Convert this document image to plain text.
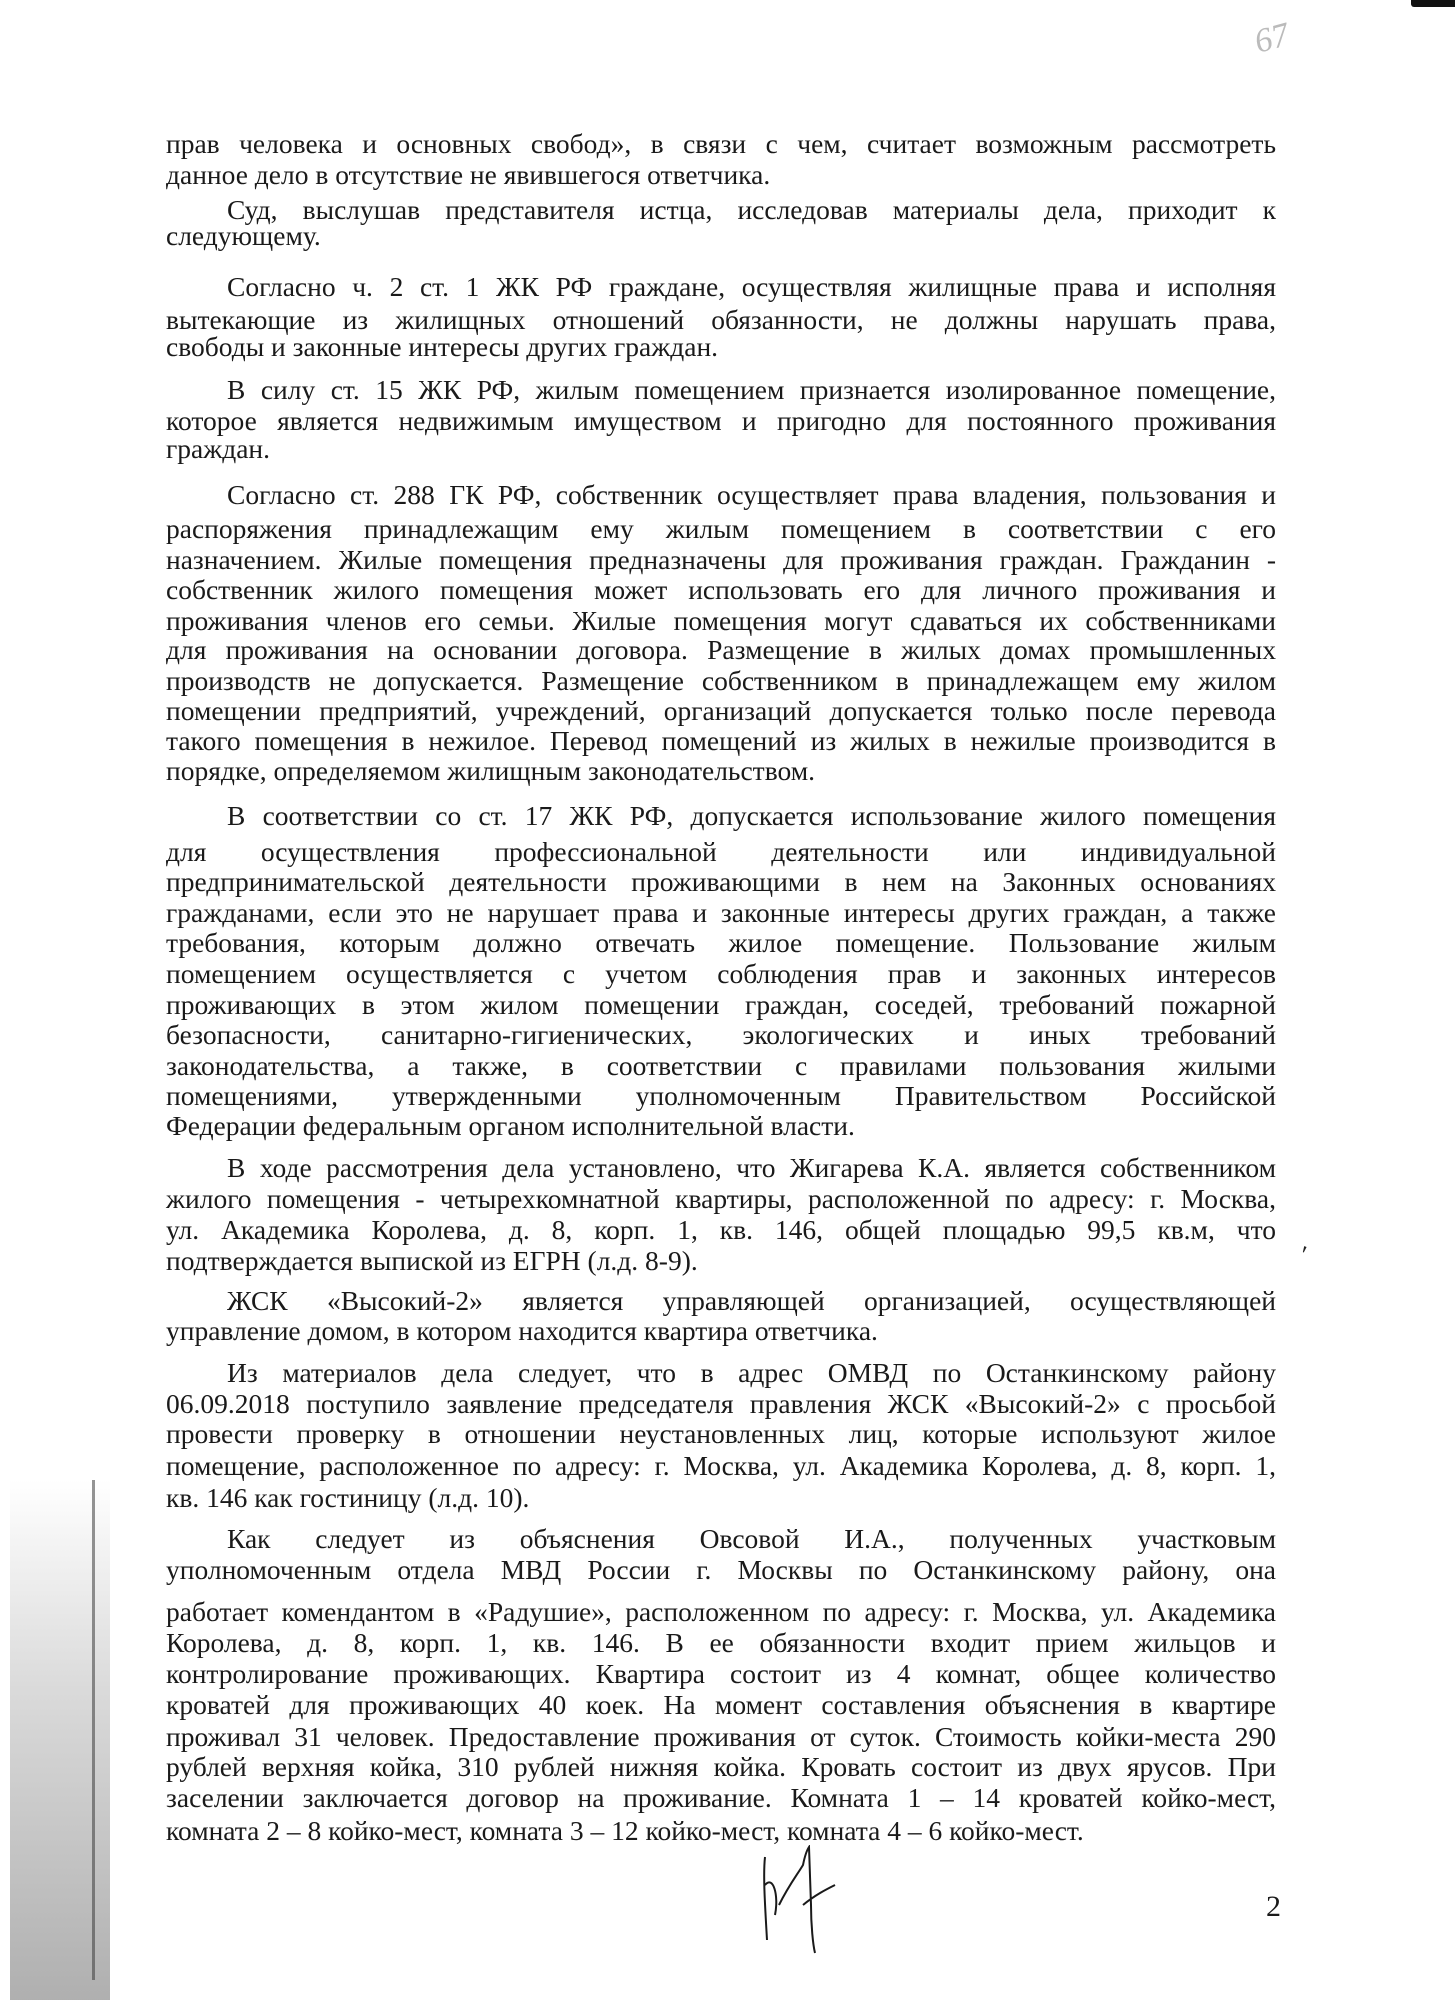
67
'
прав человека и основных свобод», в связи с чем, считает возможным рассмотреть
данное дело в отсутствие не явившегося ответчика.
Суд, выслушав представителя истца, исследовав материалы дела, приходит к
следующему.
Согласно ч. 2 ст. 1 ЖК РФ граждане, осуществляя жилищные права и исполняя
вытекающие из жилищных отношений обязанности, не должны нарушать права,
свободы и законные интересы других граждан.
В силу ст. 15 ЖК РФ, жилым помещением признается изолированное помещение,
которое является недвижимым имуществом и пригодно для постоянного проживания
граждан.
Согласно ст. 288 ГК РФ, собственник осуществляет права владения, пользования и
распоряжения принадлежащим ему жилым помещением в соответствии с его
назначением. Жилые помещения предназначены для проживания граждан. Гражданин -
собственник жилого помещения может использовать его для личного проживания и
проживания членов его семьи. Жилые помещения могут сдаваться их собственниками
для проживания на основании договора. Размещение в жилых домах промышленных
производств не допускается. Размещение собственником в принадлежащем ему жилом
помещении предприятий, учреждений, организаций допускается только после перевода
такого помещения в нежилое. Перевод помещений из жилых в нежилые производится в
порядке, определяемом жилищным законодательством.
В соответствии со ст. 17 ЖК РФ, допускается использование жилого помещения
для осуществления профессиональной деятельности или индивидуальной
предпринимательской деятельности проживающими в нем на Законных основаниях
гражданами, если это не нарушает права и законные интересы других граждан, а также
требования, которым должно отвечать жилое помещение. Пользование жилым
помещением осуществляется с учетом соблюдения прав и законных интересов
проживающих в этом жилом помещении граждан, соседей, требований пожарной
безопасности, санитарно-гигиенических, экологических и иных требований
законодательства, а также, в соответствии с правилами пользования жилыми
помещениями, утвержденными уполномоченным Правительством Российской
Федерации федеральным органом исполнительной власти.
В ходе рассмотрения дела установлено, что Жигарева К.А. является собственником
жилого помещения - четырехкомнатной квартиры, расположенной по адресу: г. Москва,
ул. Академика Королева, д. 8, корп. 1, кв. 146, общей площадью 99,5 кв.м, что
подтверждается выпиской из ЕГРН (л.д. 8-9).
ЖСК «Высокий-2» является управляющей организацией, осуществляющей
управление домом, в котором находится квартира ответчика.
Из материалов дела следует, что в адрес ОМВД по Останкинскому району
06.09.2018 поступило заявление председателя правления ЖСК «Высокий-2» с просьбой
провести проверку в отношении неустановленных лиц, которые используют жилое
помещение, расположенное по адресу: г. Москва, ул. Академика Королева, д. 8, корп. 1,
кв. 146 как гостиницу (л.д. 10).
Как следует из объяснения Овсовой И.А., полученных участковым
уполномоченным отдела МВД России г. Москвы по Останкинскому району, она
работает комендантом в «Радушие», расположенном по адресу: г. Москва, ул. Академика
Королева, д. 8, корп. 1, кв. 146. В ее обязанности входит прием жильцов и
контролирование проживающих. Квартира состоит из 4 комнат, общее количество
кроватей для проживающих 40 коек. На момент составления объяснения в квартире
проживал 31 человек. Предоставление проживания от суток. Стоимость койки-места 290
рублей верхняя койка, 310 рублей нижняя койка. Кровать состоит из двух ярусов. При
заселении заключается договор на проживание. Комната 1 – 14 кроватей койко-мест,
комната 2 – 8 койко-мест, комната 3 – 12 койко-мест, комната 4 – 6 койко-мест.
2
